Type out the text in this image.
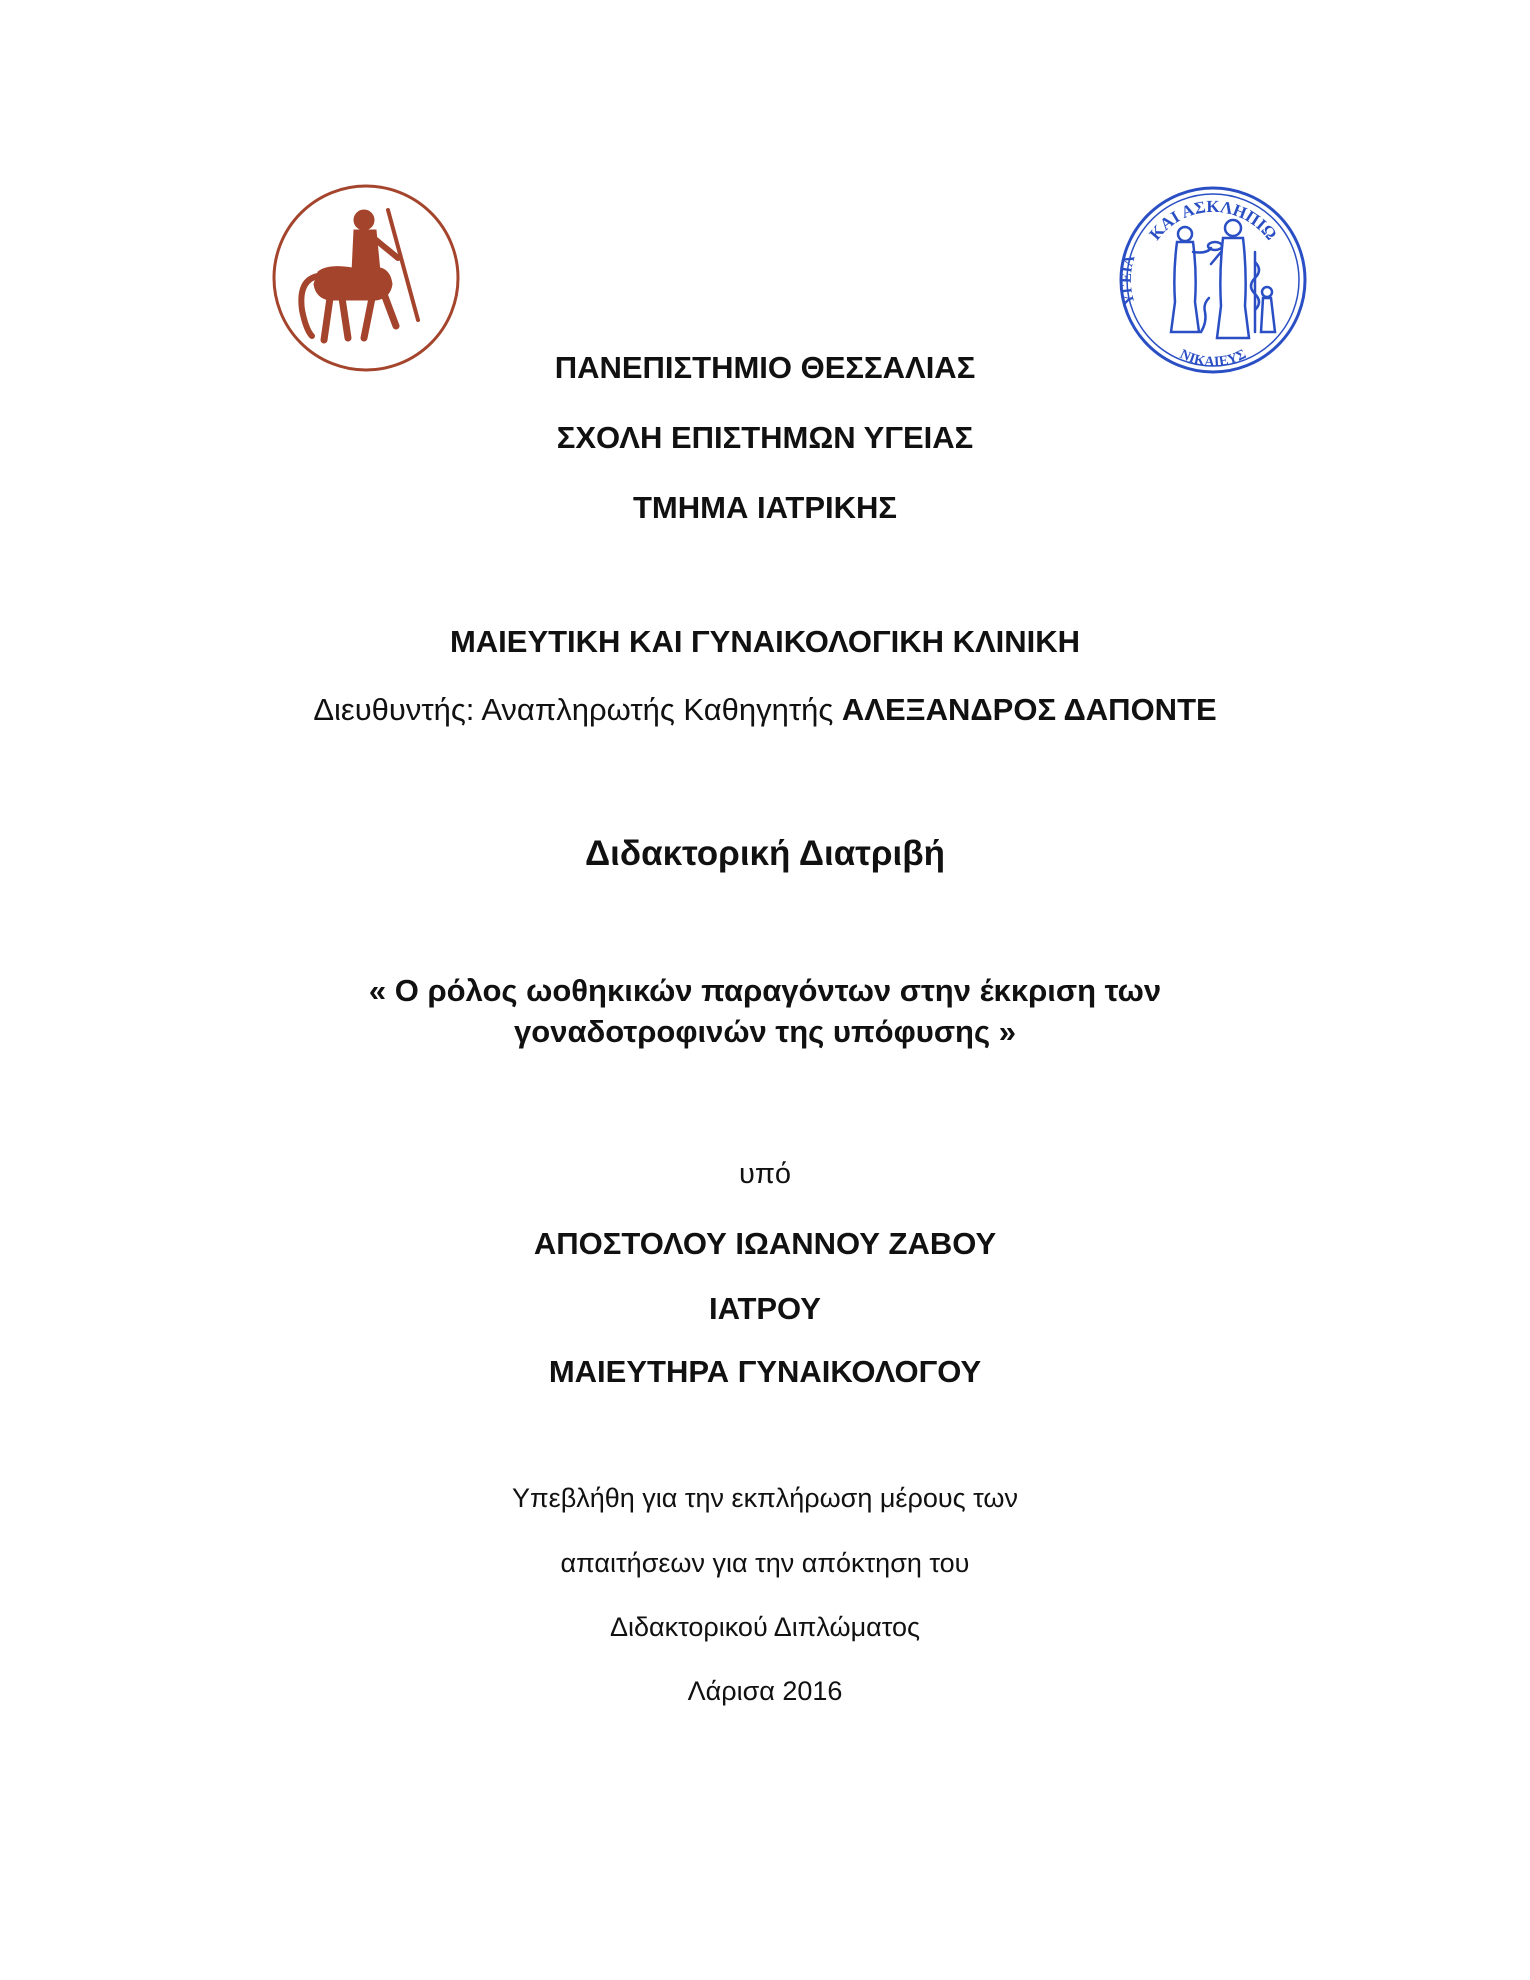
ΚΑΙ ΑΣΚΛΗΠΙΩ
ΥΓΕΙΑ
ΝΙΚΑΙΕΥΣ
ΠΑΝΕΠΙΣΤΗΜΙΟ ΘΕΣΣΑΛΙΑΣ
ΣΧΟΛΗ ΕΠΙΣΤΗΜΩΝ ΥΓΕΙΑΣ
ΤΜΗΜΑ ΙΑΤΡΙΚΗΣ
ΜΑΙΕΥΤΙΚΗ ΚΑΙ ΓΥΝΑΙΚΟΛΟΓΙΚΗ ΚΛΙΝΙΚΗ
Διευθυντής: Αναπληρωτής Καθηγητής ΑΛΕΞΑΝΔΡΟΣ ΔΑΠΟΝΤΕ
Διδακτορική Διατριβή
« Ο ρόλος ωοθηκικών παραγόντων στην έκκριση των
γοναδοτροφινών της υπόφυσης »
υπό
ΑΠΟΣΤΟΛΟΥ ΙΩΑΝΝΟΥ ΖΑΒΟΥ
ΙΑΤΡΟΥ
ΜΑΙΕΥΤΗΡΑ ΓΥΝΑΙΚΟΛΟΓΟΥ
Υπεβλήθη για την εκπλήρωση μέρους των
απαιτήσεων για την απόκτηση του
Διδακτορικού Διπλώματος
Λάρισα 2016
